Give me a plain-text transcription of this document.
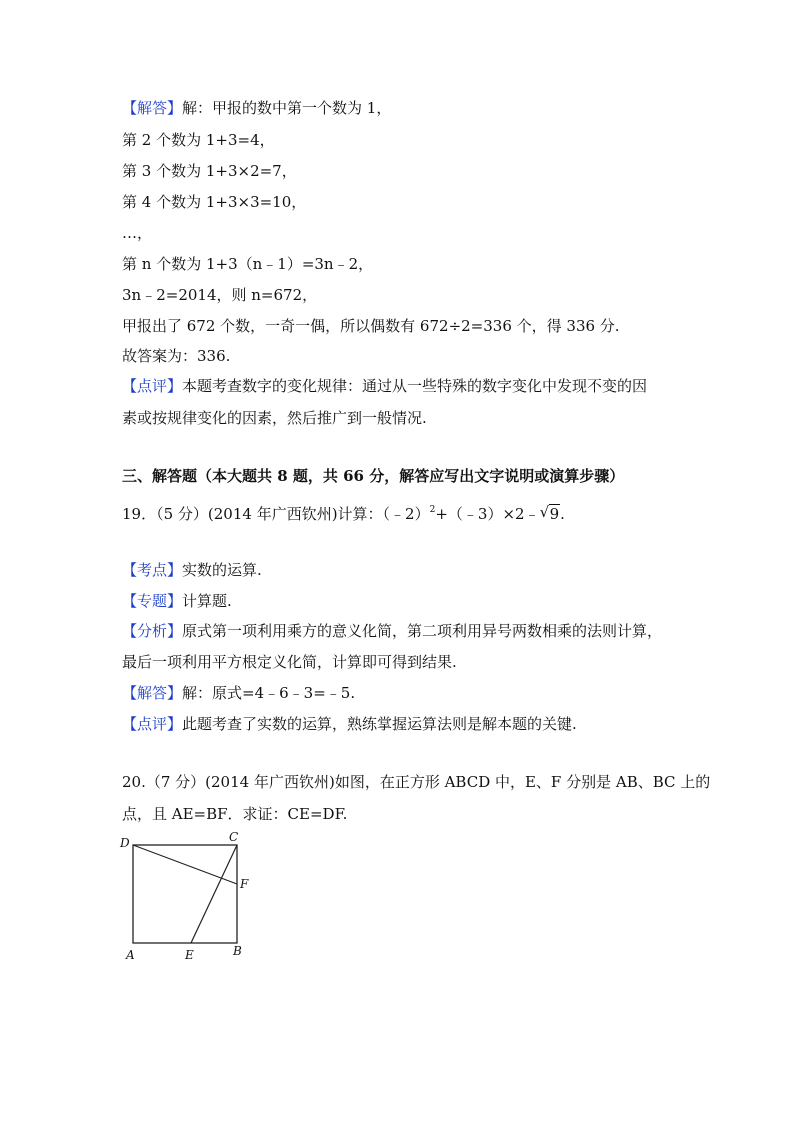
【解答】解：甲报的数中第一个数为 1，
第 2 个数为 1+3=4，
第 3 个数为 1+3×2=7，
第 4 个数为 1+3×3=10，
…，
第 n 个数为 1+3（n﹣1）=3n﹣2，
3n﹣2=2014，则 n=672，
甲报出了 672 个数，一奇一偶，所以偶数有 672÷2=336 个，得 336 分.
故答案为：336.
【点评】本题考查数字的变化规律：通过从一些特殊的数字变化中发现不变的因
素或按规律变化的因素，然后推广到一般情况.
三、解答题（本大题共 8 题，共 66 分，解答应写出文字说明或演算步骤）
19．（5 分）(2014 年广西钦州)计算：（﹣2）$^2$+（﹣3）×2﹣ √ 9.
【考点】实数的运算.
【专题】计算题.
【分析】原式第一项利用乘方的意义化简，第二项利用异号两数相乘的法则计算，
最后一项利用平方根定义化简，计算即可得到结果.
【解答】解：原式=4﹣6﹣3=﹣5.
【点评】此题考查了实数的运算，熟练掌握运算法则是解本题的关键.
20.（7 分）(2014 年广西钦州)如图，在正方形 ABCD 中，E、F 分别是 AB、BC 上的
点，且 AE=BF．求证：CE=DF.
D	C
F
A	E	B
